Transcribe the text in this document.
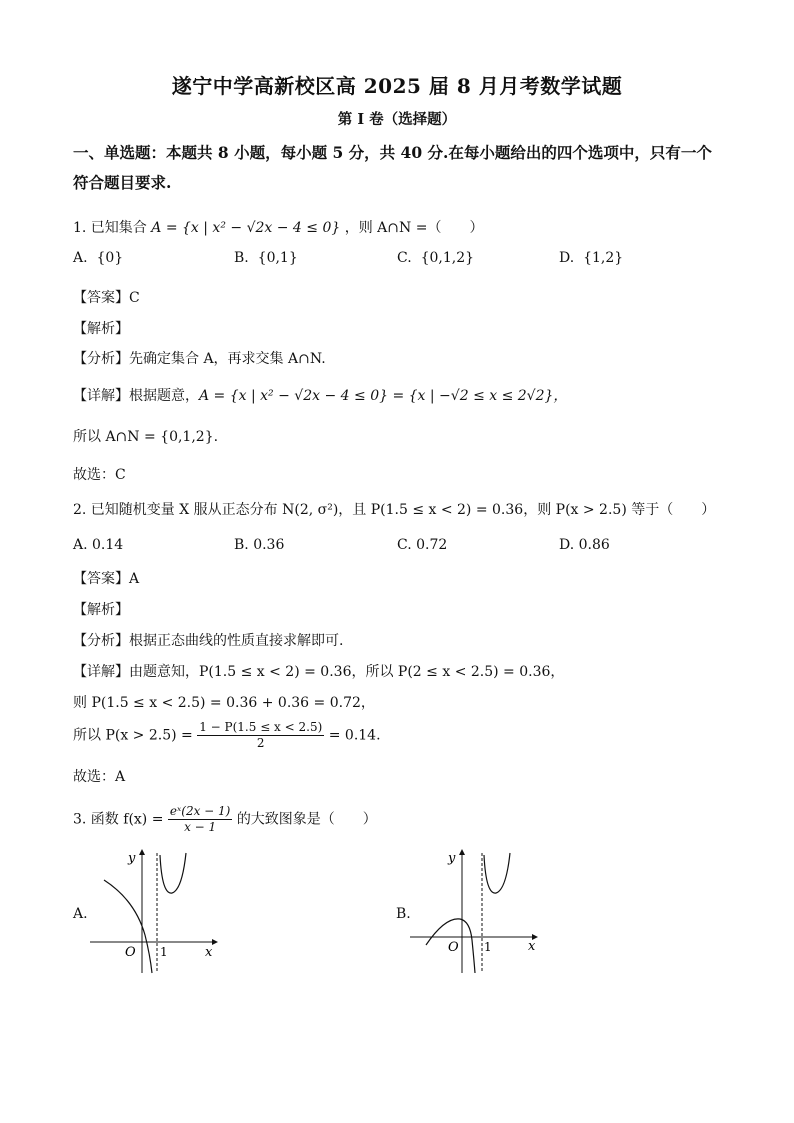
遂宁中学高新校区高 2025 届 8 月月考数学试题
第 I 卷（选择题）
一、单选题：本题共 8 小题，每小题 5 分，共 40 分.在每小题给出的四个选项中，只有一个
符合题目要求.
1. 已知集合 A = {x | x² − √2x − 4 ≤ 0} ，则 A∩N =（　　）
A. {0}	B. {0,1}	C. {0,1,2}	D. {1,2}
【答案】C
【解析】
【分析】先确定集合 A，再求交集 A∩N.
【详解】根据题意，A = {x | x² − √2x − 4 ≤ 0} = {x | −√2 ≤ x ≤ 2√2}，
所以 A∩N = {0,1,2}.
故选：C
2. 已知随机变量 X 服从正态分布 N(2, σ²)，且 P(1.5 ≤ x < 2) = 0.36，则 P(x > 2.5) 等于（　　）
A. 0.14	B. 0.36	C. 0.72	D. 0.86
【答案】A
【解析】
【分析】根据正态曲线的性质直接求解即可.
【详解】由题意知，P(1.5 ≤ x < 2) = 0.36，所以 P(2 ≤ x < 2.5) = 0.36，
则 P(1.5 ≤ x < 2.5) = 0.36 + 0.36 = 0.72，
所以 $P(x > 2.5) = \frac{1 - P(1.5 \le x < 2.5)}{2} = 0.14$.
故选：A
3. 函数 $f(x) = \frac{\text{eˣ(2x − 1)}}{x - 1}$ 的大致图象是（　　）
A.
x
y
O 1
B.
x
y
O 1
